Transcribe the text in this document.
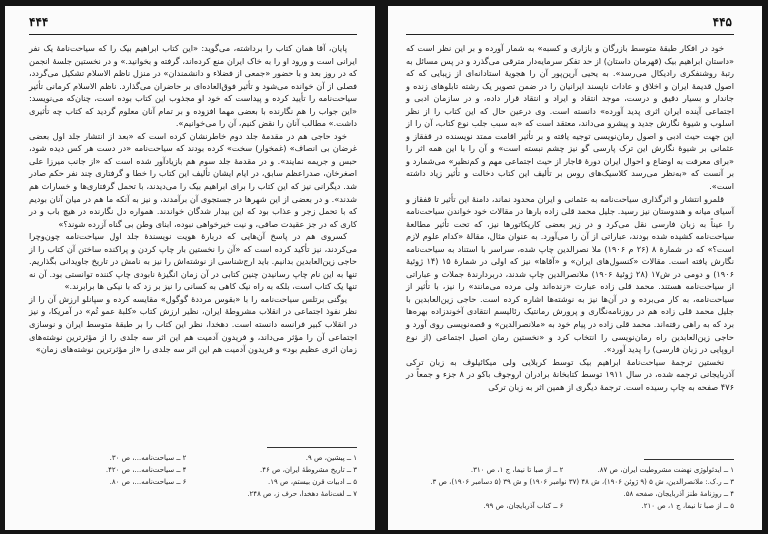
۴۴۴

پایان، آقا همان کتاب را برداشته، می‌گوید: «این کتاب ابراهیم بیک را که سیاحت‌نامهٔ یک نفر ایرانی است و ورود او را به خاک ایران منع کرده‌اند، گرفته و بخوانید.» و در نخستین جلسهٔ انجمن که در روز بعد و با حضور «جمعی از فضلاء و دانشمندان» در منزل ناظم الاسلام تشکیل می‌گردد، فصلی از آن خوانده می‌شود و تأثیر فوق‌العاده‌ای بر حاضران می‌گذارد. ناظم الاسلام کرمانی تأثیر سیاحت‌نامه را تأیید کرده و پیداست که خود او مجذوب این کتاب بوده است، چنان‌که می‌نویسد: «این جواب را هم نگارنده با بعضی مهما افزوده و بر تمام آنان معلوم گردید که کتاب چه تأثیری داشت.» مطالب آنان را نقض کنیم، آن را می‌خوانیم».

خود حاجی هم در مقدمهٔ جلد دوم خاطرنشان کرده است که «بعد از انتشار جلد اول بعضی غرضان بی انصاف» (غمخوار) سخت» کرده بودند که سیاحت‌نامه «در دست هر کس دیده شود، حبس و جریمه نمایند». و در مقدمهٔ جلد سوم هم بازیادآور شده است که «از جانب میرزا علی اصغرخان، صدراعظم سابق، در ایام ایشان تألیف این کتاب را خطا و گرفتاری چند نفر حکم صادر شد. دیگرانی نیز که این کتاب را برای ابراهیم بیک را می‌دیدند، با تحمل گرفتاری‌ها و خسارات هم شدند». و در بعضی از این شهرها در جستجوی آن برآمدند، و نیز به آنکه ما هم در میان آنان بودیم که با تحمل زجر و عذاب بود که این بیدار شدگان خواندند. همواره دل نگارنده در هیچ باب و در کاری که در جز عقیدت صافی، و نیت خیرخواهی نبوده، ابنای وطن بی گناه آزرده شوند؟»

کسروی هم در پاسخ آن‌هایی که دربارهٔ هویت نویسندهٔ جلد اول سیاحت‌نامه چون‌وچرا می‌کردند، نیز تأکید کرده است که «آن را نخستین بار چاپ کردن و پراکنده ساختن آن کتاب را از حاجی زین‌العابدین بدانیم. باید ارج‌شناسی از نوشته‌اش را نیز به نامش در تاریخ جاویدانی بگذاریم. تنها به این نام چاپ رسانیدن چنین کتابی در آن زمان انگیزهٔ نابودی چاپ کننده توانستی بود. آن نه تنها یک کتاب است، بلکه به راه نیک کاهی به کسانی را نیز بر زد که با نیکی ها برابرند.»

یوگنی برتلس سیاحت‌نامه را با «بقوس مرددهٔ گوگول» مقایسه کرده و سپانلو ارزش آن را از نظر نفوذ اجتماعی در انقلاب مشروطهٔ ایران، نظیر ارزش کتاب «کلبهٔ عمو تُم» در آمریکا، و نیز در انقلاب کبیر فرانسه دانسته است. دهخدا، نظر این کتاب را بر طبقهٔ متوسط ایران و نوسازی اجتماعی آن را مؤثر می‌داند، و فریدون آدمیت هم این اثر سه جلدی را از مؤثرترین نوشته‌های زمان اثری عظیم بود» و فریدون آدمیت هم این اثر سه جلدی را «از مؤثرترین نوشته‌های زمان»

۱ ــ پیشین، ص ۹.
۲ ــ سیاحت‌نامه...، ص ۳۰.
۳ ــ تاریخ مشروطهٔ ایران، ص ۴۶.
۴ ــ سیاحت‌نامه...، ص ۴۲۰.
۵ ــ ادبیات قرن بیستم، ص ۱۹.
۶ ــ سیاحت‌نامه...، ص ۸۰.
۷ ــ لغت‌نامهٔ دهخدا، حرف ز، ص ۲۴۸.
۴۴۵

خود در افکار طبقهٔ متوسط بازرگان و بازاری و کسبه» به شمار آورده و بر این نظر است که «داستان ابراهیم بیک (قهرمان داستان) از حد تفکر سرمایه‌دار مترقی می‌گذرد و در پس مسائل به رتبهٔ روشنفکری رادیکال می‌رسد». به یحیی آرین‌پور آن را هجویهٔ استادانه‌ای از زیبایی که که اصول قدیمهٔ ایران و اخلاق و عادات ناپسند ایرانیان را در ضمن تصویر یک رشته تابلوهای زنده و جاندار و بسیار دقیق و درست، موجد انتقاد و ایراد و انتقاد قرار داده، و در سازمان ادبی و اجتماعی آینده ایران اثری پدید آورده» دانسته است. وی درعین حال که این کتاب را از نظر اسلوب و شیوهٔ نگارش جدید و پیشرو می‌داند، معتقد است که «به سبب جلب نوع کتاب، آن را از این جهت حیث ادبی و اصول رمان‌نویسی توجیه یافته و بر تأثیر اقامت ممتد نویسنده در قفقاز و عثمانی بر شیوهٔ نگارش این ترک پارسی گو نیز چشم نبسته است» و آن را با این همه اثر را «برای معرفت به اوضاع و احوال ایران دورهٔ قاجار از حیث اجتماعی مهم و کم‌نظیر» می‌شمارد و بر آنست که «به‌نظر می‌رسد کلاسیک‌های روس بر تألیف این کتاب دخالت و تأثیر زیاد داشته است».

قلمرو انتشار و اثرگذاری سیاحت‌نامه به عثمانی و ایران محدود نماند، دامنهٔ این تأثیر تا قفقاز و آسیای میانه و هندوستان نیز رسید. جلیل محمد قلی زاده بارها در مقالات خود خواندن سیاحت‌نامه را عیناً به زبان فارسی نقل می‌کرد و در زیر بعضی کاریکاتورها نیز، که تحت تأثیر مطالعهٔ سیاحت‌نامه کشیده شده بودند، عباراتی از آن را می‌آورد. به عنوان مثال، مقالهٔ «کدام علوم لازم است؟» که در شمارهٔ ۸ (۲۶ م ۱۹۰۶) ملا نصرالدین چاپ شده، سراسر با استناد به سیاحت‌نامه نگارش یافته است. مقالات «کنسول‌های ایران» و «آقاها» نیز که اولی در شمارهٔ ۱۵ (۱۴ ژوئیهٔ ۱۹۰۶) و دومی در ش۱۷ (۲۸ ژوئیهٔ ۱۹۰۶) ملانصرالدین چاپ شدند، دربردارندهٔ جملات و عباراتی از سیاحت‌نامه هستند. محمد قلی زاده عبارت «زنده‌اند ولی مرده می‌مانند» را نیز، با تأثیر از سیاحت‌نامه، به کار می‌برده و در آن‌ها نیز به نوشته‌ها اشاره کرده است. حاجی زین‌العابدین با جلیل محمد قلی زاده هم در روزنامه‌نگاری و پرورش رمانتیک رئالیسم انتقادی آخوندزاده بهره‌ها برد که به راهی رفته‌اند. محمد قلی زاده در پیام خود به «ملانصرالدین» و قصه‌نویسی روی آورد و حاجی زین‌العابدین راه رمان‌نویسی را انتخاب کرد و «نخستین رمان اصیل اجتماعی (از نوع اروپایی در زبان فارسی) را پدید آورد».

نخستین ترجمهٔ سیاحت‌نامهٔ ابراهیم بیک توسط کربلایی ولی میکائیلوف به زبان ترکی آذربایجانی ترجمه شده، در سال ۱۹۱۱ توسط کتابخانهٔ برادران اروجوف باکو در ۸ جزء و جمعاً در ۴۷۶ صفحه به چاپ رسیده است. ترجمهٔ دیگری از همین اثر به زبان ترکی

۱ ــ ایدئولوژی نهضت مشروطیت ایران، ص ۸۷.
۲ ــ از صبا تا نیما، ج ۱، ص ۳۱۰.
۳ ــ ر.ک.: ملانصرالدین، ش ۵ (۹ ژوئن ۱۹۰۶)، ش ۴۸ (۳۷ نوامبر ۱۹۰۶) و ش ۳۹ (۵ دسامبر ۱۹۰۶)، ص ۳.
۴ ــ روزنامهٔ طنز آذربایجان، صفحه ۵۸.
۵ ــ از صبا تا نیما، ج ۱، ص ۲۱۰.
۶ ــ کتاب آذربایجان، ص ۹۹.
